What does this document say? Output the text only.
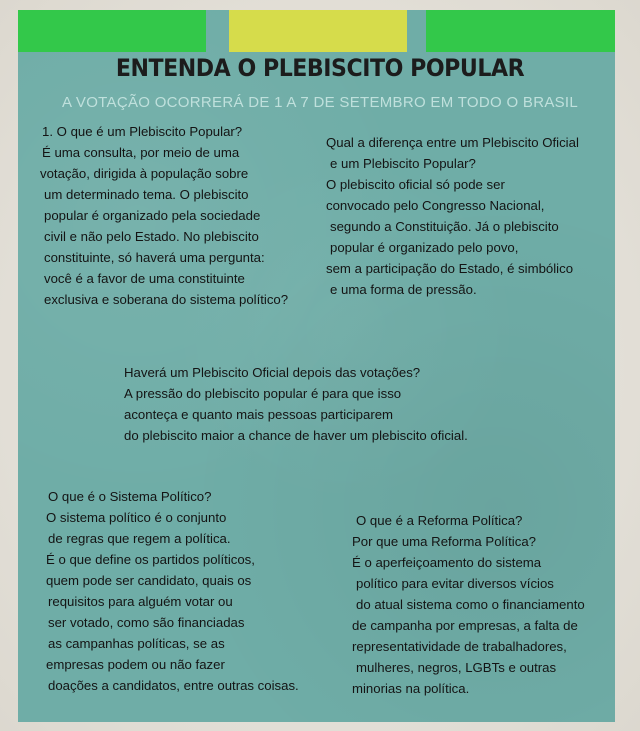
ENTENDA O PLEBISCITO POPULAR
A VOTAÇÃO OCORRERÁ DE 1 A 7 DE SETEMBRO EM TODO O BRASIL
1. O que é um Plebiscito Popular?
É uma consulta, por meio de uma
votação, dirigida à população sobre
um determinado tema. O plebiscito
popular é organizado pela sociedade
civil e não pelo Estado. No plebiscito
constituinte, só haverá uma pergunta:
você é a favor de uma constituinte
exclusiva e soberana do sistema político?
Qual a diferença entre um Plebiscito Oficial
e um Plebiscito Popular?
O plebiscito oficial só pode ser
convocado pelo Congresso Nacional,
segundo a Constituição. Já o plebiscito
popular é organizado pelo povo,
sem a participação do Estado, é simbólico
e uma forma de pressão.
Haverá um Plebiscito Oficial depois das votações?
A pressão do plebiscito popular é para que isso
aconteça e quanto mais pessoas participarem
do plebiscito maior a chance de haver um plebiscito oficial.
O que é o Sistema Político?
O sistema político é o conjunto
de regras que regem a política.
É o que define os partidos políticos,
quem pode ser candidato, quais os
requisitos para alguém votar ou
ser votado, como são financiadas
as campanhas políticas, se as
empresas podem ou não fazer
doações a candidatos, entre outras coisas.
O que é a Reforma Política?
Por que uma Reforma Política?
É o aperfeiçoamento do sistema
político para evitar diversos vícios
do atual sistema como o financiamento
de campanha por empresas, a falta de
representatividade de trabalhadores,
mulheres, negros, LGBTs e outras
minorias na política.
